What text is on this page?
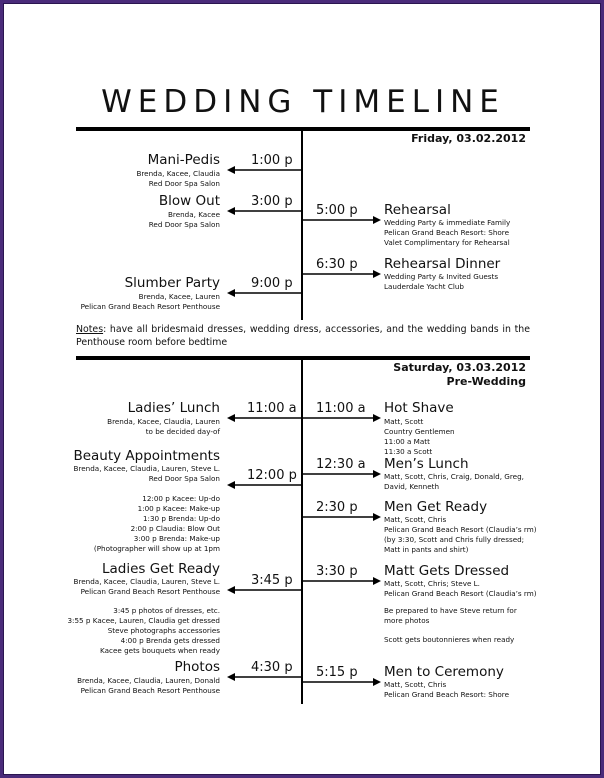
WEDDING TIMELINE
Friday, 03.02.2012
Mani-Pedis 1:00 p
Brenda, Kacee, Claudia
Red Door Spa Salon
Blow Out 3:00 p
Brenda, Kacee
Red Door Spa Salon
Slumber Party 9:00 p
Brenda, Kacee, Lauren
Pelican Grand Beach Resort Penthouse
5:00 p Rehearsal
Wedding Party & immediate Family
Pelican Grand Beach Resort: Shore
Valet Complimentary for Rehearsal
6:30 p Rehearsal Dinner
Wedding Party & Invited Guests
Lauderdale Yacht Club
Notes: have all bridesmaid dresses, wedding dress, accessories, and the wedding bands in the Penthouse room before bedtime
Saturday, 03.03.2012
Pre-Wedding
Ladies’ Lunch 11:00 a
Brenda, Kacee, Claudia, Lauren
to be decided day-of
Beauty Appointments
12:00 p
Brenda, Kacee, Claudia, Lauren, Steve L.
Red Door Spa Salon
12:00 p Kacee: Up-do
1:00 p Kacee: Make-up
1:30 p Brenda: Up-do
2:00 p Claudia: Blow Out
3:00 p Brenda: Make-up
(Photographer will show up at 1pm
Ladies Get Ready
3:45 p
Brenda, Kacee, Claudia, Lauren, Steve L.
Pelican Grand Beach Resort Penthouse
3:45 p photos of dresses, etc.
3:55 p Kacee, Lauren, Claudia get dressed
Steve photographs accessories
4:00 p Brenda gets dressed
Kacee gets bouquets when ready
Photos 4:30 p
Brenda, Kacee, Claudia, Lauren, Donald
Pelican Grand Beach Resort Penthouse
11:00 a Hot Shave
Matt, Scott
Country Gentlemen
11:00 a Matt
11:30 a Scott
12:30 a Men’s Lunch
Matt, Scott, Chris, Craig, Donald, Greg,
David, Kenneth
2:30 p Men Get Ready
Matt, Scott, Chris
Pelican Grand Beach Resort (Claudia’s rm)
(by 3:30, Scott and Chris fully dressed;
Matt in pants and shirt)
3:30 p Matt Gets Dressed
Matt, Scott, Chris; Steve L.
Pelican Grand Beach Resort (Claudia’s rm)
Be prepared to have Steve return for
more photos
Scott gets boutonnieres when ready
5:15 p Men to Ceremony
Matt, Scott, Chris
Pelican Grand Beach Resort: Shore
